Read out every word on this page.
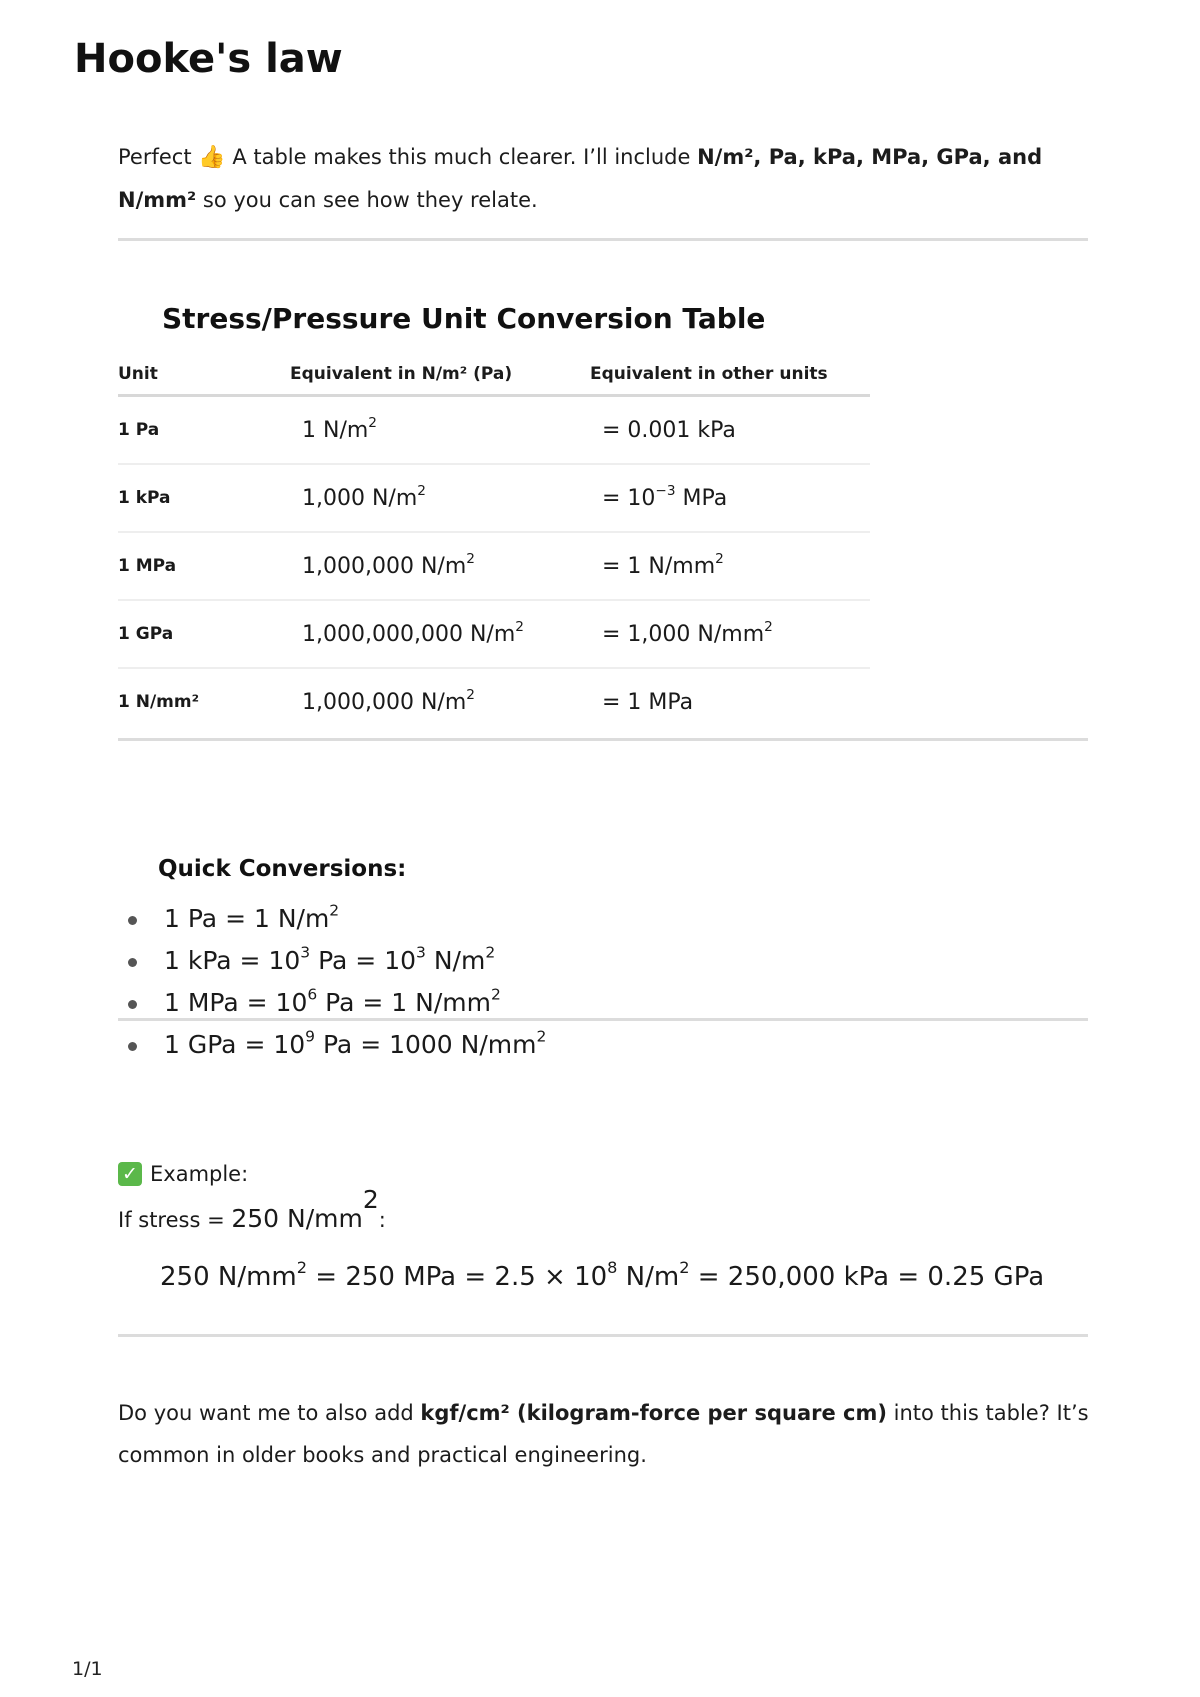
Hooke's law
Perfect 👍 A table makes this much clearer. I’ll include N/m², Pa, kPa, MPa, GPa, and N/mm² so you can see how they relate.
Stress/Pressure Unit Conversion Table
Unit	Equivalent in N/m² (Pa)	Equivalent in other units
1 Pa	1 $N/m^2$	= 0.001 kPa
1 kPa	1,000 $N/m^2$	= $10^{-3}$ MPa
1 MPa	1,000,000 $N/m^2$	= 1 $N/mm^2$
1 GPa	1,000,000,000 $N/m^2$	= 1,000 $N/mm^2$
1 N/mm²	1,000,000 $N/m^2$	= 1 MPa
Quick Conversions:
1 Pa = 1 $N/m^2$
1 kPa = $10^3$ $Pa = 10^3$ $N/m^2$
1 MPa = $10^6$ Pa = 1 $N/mm^2$
1 GPa = $10^9$ Pa = 1000 $N/mm^2$
✓ Example:
If stress = 250 $N/mm^2$:
250 $N/mm^2 = 250$ MPa = $2.5 \times 10^8$ $N/m^2 = 250,000$ kPa = 0.25 GPa
Do you want me to also add kgf/cm² (kilogram-force per square cm) into this table? It’s common in older books and practical engineering.
1/1
